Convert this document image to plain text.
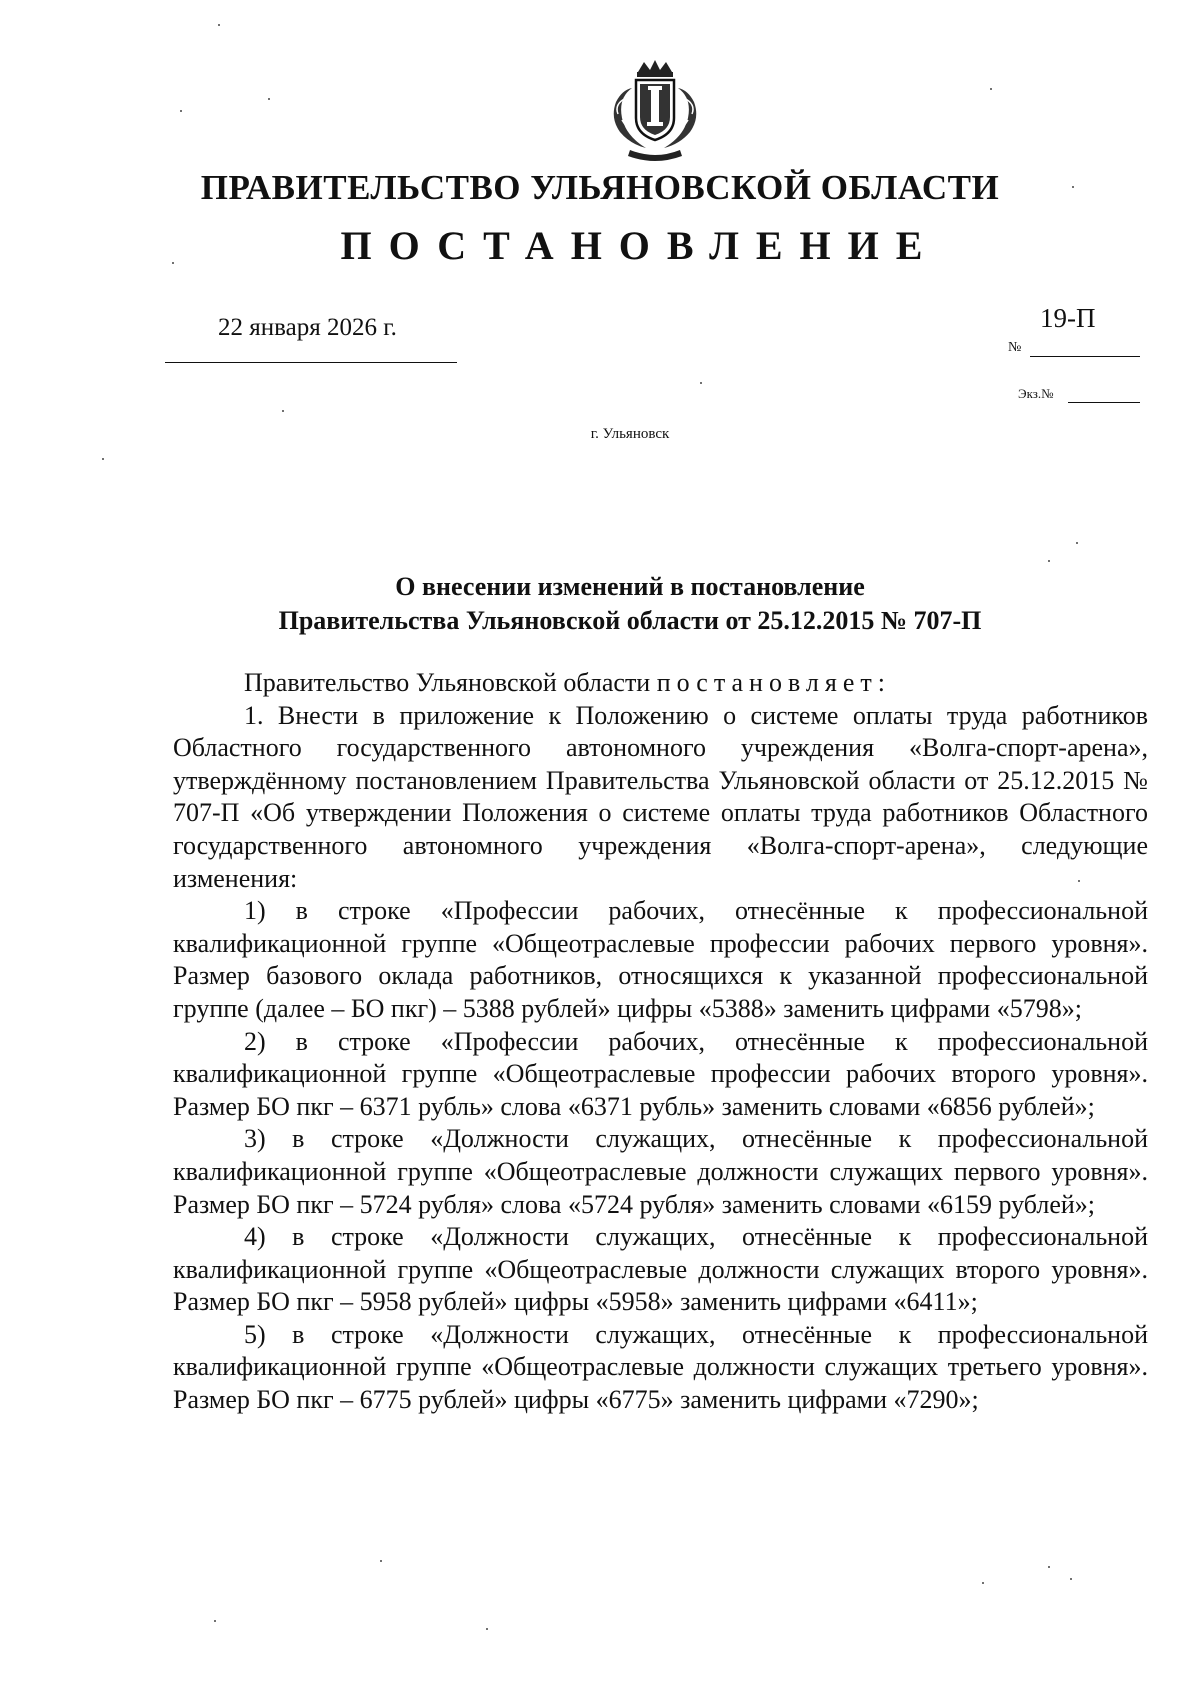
ПРАВИТЕЛЬСТВО УЛЬЯНОВСКОЙ ОБЛАСТИ
ПОСТАНОВЛЕНИЕ
22 января 2026 г.	19-П
№
Экз.№
г. Ульяновск
О внесении изменений в постановление
Правительства Ульяновской области от 25.12.2015 № 707-П

Правительство Ульяновской области постановляет:

1. Внести в приложение к Положению о системе оплаты труда работников Областного государственного автономного учреждения «Волга-спорт-арена», утверждённому постановлением Правительства Ульяновской области от 25.12.2015 № 707-П «Об утверждении Положения о системе оплаты труда работников Областного государственного автономного учреждения «Волга-спорт-арена», следующие изменения:

1) в строке «Профессии рабочих, отнесённые к профессиональной квалификационной группе «Общеотраслевые профессии рабочих первого уровня». Размер базового оклада работников, относящихся к указанной профессиональной группе (далее – БО пкг) – 5388 рублей» цифры «5388» заменить цифрами «5798»;

2) в строке «Профессии рабочих, отнесённые к профессиональной квалификационной группе «Общеотраслевые профессии рабочих второго уровня». Размер БО пкг – 6371 рубль» слова «6371 рубль» заменить словами «6856 рублей»;

3) в строке «Должности служащих, отнесённые к профессиональной квалификационной группе «Общеотраслевые должности служащих первого уровня». Размер БО пкг – 5724 рубля» слова «5724 рубля» заменить словами «6159 рублей»;

4) в строке «Должности служащих, отнесённые к профессиональной квалификационной группе «Общеотраслевые должности служащих второго уровня». Размер БО пкг – 5958 рублей» цифры «5958» заменить цифрами «6411»;

5) в строке «Должности служащих, отнесённые к профессиональной квалификационной группе «Общеотраслевые должности служащих третьего уровня». Размер БО пкг – 6775 рублей» цифры «6775» заменить цифрами «7290»;
